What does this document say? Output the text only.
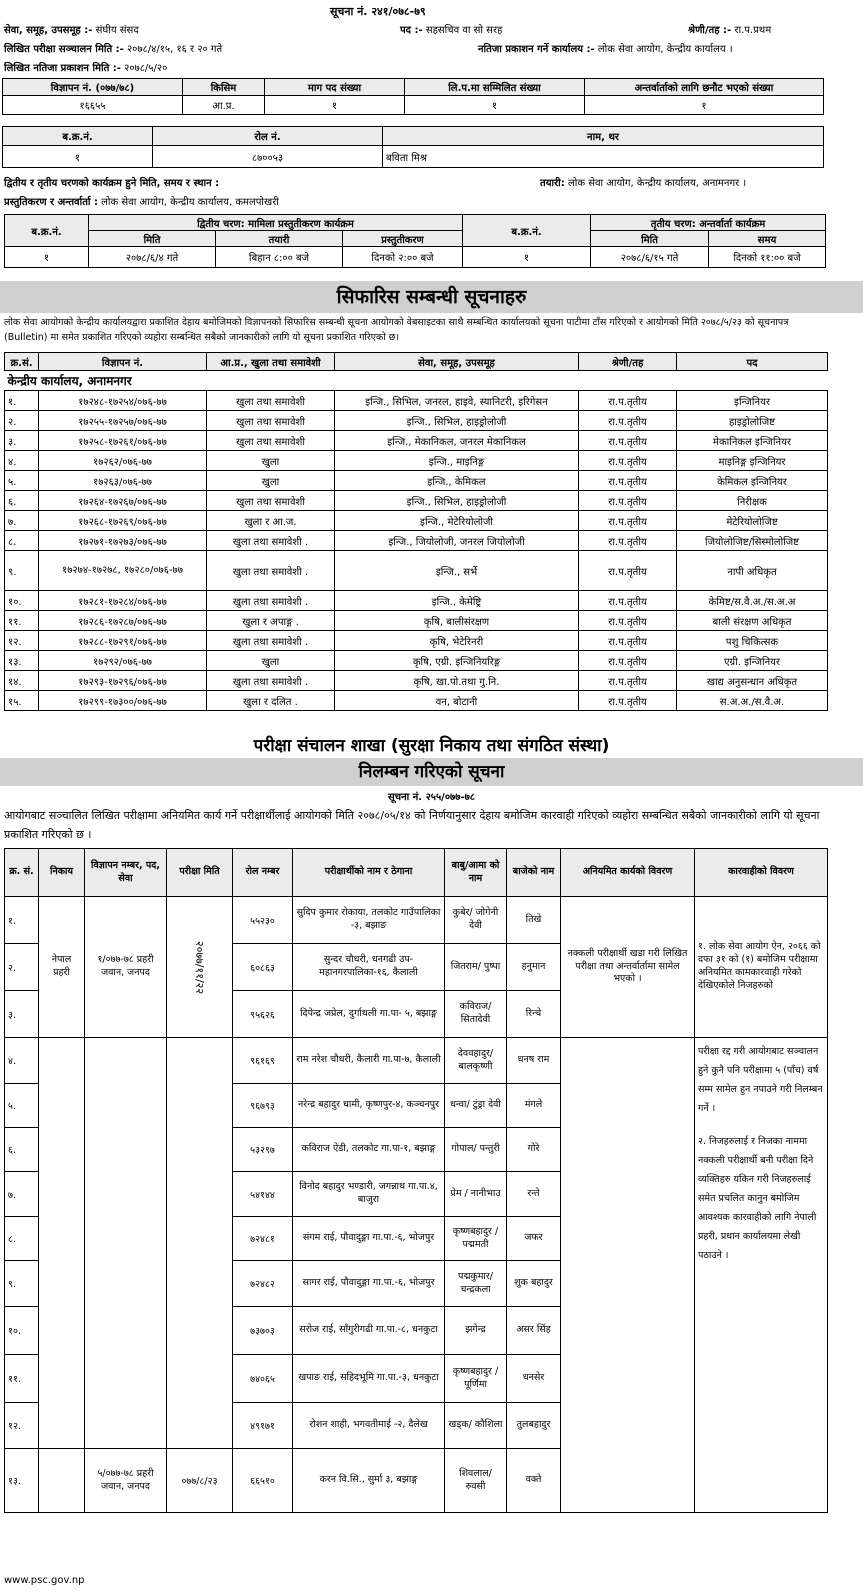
सूचना नं. २४१/०७८-७९
सेवा, समूह, उपसमूह :- संघीय संसद	पद :- सहसचिव वा सो सरह	श्रेणी/तह :- रा.प.प्रथम
लिखित परीक्षा सञ्चालन मिति :- २०७८/४/१५, १६ र २० गते	नतिजा प्रकाशन गर्ने कार्यालय :- लोक सेवा आयोग, केन्द्रीय कार्यालय ।
लिखित नतिजा प्रकाशन मिति :- २०७८/५/२०
विज्ञापन नं. (०७७/७८)	किसिम	माग पद संख्या	लि.प.मा सम्मिलित संख्या	अन्तर्वार्ताको लागि छनौट भएको संख्या
१६६५५	आ.प्र.	१	१	१
ब.क्र.नं.	रोल नं.	नाम, थर
१	८७००५३	बविता मिश्र
द्वितीय र तृतीय चरणको कार्यक्रम हुने मिति, समय र स्थान :	तयारी: लोक सेवा आयोग, केन्द्रीय कार्यालय, अनामनगर ।
प्रस्तुतिकरण र अन्तर्वार्ता : लोक सेवा आयोग, केन्द्रीय कार्यालय, कमलपोखरी
ब.क्र.नं.	द्वितीय चरण: मामिला प्रस्तुतीकरण कार्यक्रम			ब.क्र.नं.	तृतीय चरण: अन्तर्वार्ता कार्यक्रम	
	मिति	तयारी	प्रस्तुतीकरण		मिति	समय
१	२०७८/६/४ गते	बिहान ८:०० बजे	दिनको २:०० बजे	१	२०७८/६/१५ गते	दिनको ११:०० बजे
सिफारिस सम्बन्धी सूचनाहरु
लोक सेवा आयोगको केन्द्रीय कार्यालयद्वारा प्रकाशित देहाय बमोजिमको विज्ञापनको सिफारिस सम्बन्धी सूचना आयोगको वेबसाइटका साथै सम्बन्धित कार्यालयको सूचना पाटीमा टाँस गरिएको र आयोगको मिति २०७८/५/२३ को सूचनापत्र (Bulletin) मा समेत प्रकाशित गरिएको व्यहोरा सम्बन्धित सबैको जानकारीको लागि यो सूचना प्रकाशित गरिएको छ।
क्र.सं.	विज्ञापन नं.	आ.प्र., खुला तथा समावेशी	सेवा, समूह, उपसमूह	श्रेणी/तह	पद
केन्द्रीय कार्यालय, अनामनगर					
१.	१७२४८-१७२५४/०७६-७७	खुला तथा समावेशी	इन्जि., सिभिल, जनरल, हाइवे, स्यानिटरी, इरिगेसन	रा.प.तृतीय	इन्जिनियर
२.	१७२५५-१७२५७/०७६-७७	खुला तथा समावेशी	इन्जि., सिभिल, हाइड्रोलोजी	रा.प.तृतीय	हाइड्रोलोजिष्ट
३.	१७२५८-१७२६१/०७६-७७	खुला तथा समावेशी	इन्जि., मेकानिकल, जनरल मेकानिकल	रा.प.तृतीय	मेकानिकल इन्जिनियर
४.	१७२६२/०७६-७७	खुला	इन्जि., माइनिङ्ग	रा.प.तृतीय	माइनिङ्ग इन्जिनियर
५.	१७२६३/०७६-७७	खुला	इन्जि., केमिकल	रा.प.तृतीय	केमिकल इन्जिनियर
६.	१७२६४-१७२६७/०७६-७७	खुला तथा समावेशी	इन्जि., सिभिल, हाइड्रोलोजी	रा.प.तृतीय	निरीक्षक
७.	१७२६८-१७२६९/०७६-७७	खुला र आ.ज.	इन्जि., मेटेरियोलोजी	रा.प.तृतीय	मेटेरियोलोजिष्ट
८.	१७२७१-१७२७३/०७६-७७	खुला तथा समावेशी .	इन्जि., जियोलोजी, जनरल जियोलोजी	रा.प.तृतीय	जियोलोजिष्ट/सिस्मोलोजिष्ट
९.	१७२७४-१७२७८, १७२८०/०७६-७७	खुला तथा समावेशी .	इन्जि., सर्भे	रा.प.तृतीय	नापी अधिकृत
१०.	१७२८१-१७२८४/०७६-७७	खुला तथा समावेशी .	इन्जि., केमेष्ट्रि	रा.प.तृतीय	केमिष्ट/स.वै.अ./स.अ.अ
११.	१७२८६-१७२८७/०७६-७७	खुला र अपाङ्ग .	कृषि, बालीसंरक्षण	रा.प.तृतीय	बाली संरक्षण अधिकृत
१२.	१७२८८-१७२९१/०७६-७७	खुला तथा समावेशी .	कृषि, भेटेरिनरी	रा.प.तृतीय	पशु चिकित्सक
१३.	१७२९२/०७६-७७	खुला	कृषि, एग्री. इन्जिनियरिङ्ग	रा.प.तृतीय	एग्री. इन्जिनियर
१४.	१७२९३-१७२९६/०७६-७७	खुला तथा समावेशी .	कृषि, खा.पो.तथा गु.नि.	रा.प.तृतीय	खाद्य अनुसन्धान अधिकृत
१५.	१७२९९-१७३००/०७६-७७	खुला र दलित .	वन, बोटानी	रा.प.तृतीय	स.अ.अ./स.वै.अ.
परीक्षा संचालन शाखा (सुरक्षा निकाय तथा संगठित संस्था)
निलम्बन गरिएको सूचना
सूचना नं. २५५/०७७-७८
आयोगबाट सञ्चालित लिखित परीक्षामा अनियमित कार्य गर्ने परीक्षार्थीलाई आयोगको मिति २०७८/०५/१४ को निर्णयानुसार देहाय बमोजिम कारवाही गरिएको व्यहोरा सम्बन्धित सबैको जानकारीको लागि यो सूचना प्रकाशित गरिएको छ ।
क्र. सं.	निकाय	विज्ञापन नम्बर, पद, सेवा	परीक्षा मिति	रोल नम्बर	परीक्षार्थीको नाम र ठेगाना	बाबु/आमा को नाम	बाजेको नाम	अनियमित कार्यको विवरण	कारवाहीको विवरण
१.	नेपाल प्रहरी	१/०७७-७८ प्रहरी जवान, जनपद	२०७७/११/२२	५५२३०	सुदिप कुमार रोकाया, तलकोट गाउँपालिका -३, बझाङ	कुबेर/ जोगेनी देवी	तिखे	नक्कली परीक्षार्थी खडा गरी लिखित परीक्षा तथा अन्तर्वार्तामा सामेल भएको ।	१. लोक सेवा आयोग ऐन, २०६६ को दफा ३१ को (१) बमोजिम परीक्षामा अनियमित कामकारवाही गरेको देखिएकोले निजहरुको
२.				६०८६३	सुन्दर चौधरी, धनगढी उप-महानगरपालिका-१६, कैलाली	जितराम/ पुष्पा	हनुमान		
३.				९५६२६	दिपेन्द्र जप्रेल, दुर्गाथली गा.पा- ५, बझाङ्ग	कविराज/ सितादेवी	रिन्चे		
४.				९६१६९	राम नरेश चौधरी, कैलारी गा.पा-७, कैलाली	देववहादुर/ बालकृष्णी	धनष राम		परीक्षा रद्द गरी आयोगबाट सञ्चालन हुने कुनै पनि परीक्षामा ५ (पाँच) वर्ष सम्म सामेल हुन नपाउने गरी निलम्बन गर्ने ।
२. निजहरुलाई र निजका नाममा नक्कली परीक्षार्थी बनी परीक्षा दिने व्यक्तिहरु यकिन गरी निजहरुलाई समेत प्रचलित कानुन बमोजिम आवश्यक कारवाहीको लागि नेपाली प्रहरी, प्रधान कार्यालयमा लेखी पठाउने ।

५.				९६७९३	नरेन्द्र बहादुर धामी, कृष्णपुर-४, कञ्चनपुर	धन्वा/ टुंड्रा देवी	मंगले		
६.				५३२९७	कविराज ऐडी, तलकोट गा.पा-१, बझाङ्ग	गोपाल/ पन्तुरी	गोरे		
७.				५४१४४	विनोद बहादुर भण्डारी, जगन्नाथ गा.पा.४, बाजुरा	प्रेम / नानीभाउ	रन्ते		
८.				७२४८१	संगम राई, पौवादुङ्गा गा.पा.-६, भोजपुर	कृष्णबहादुर /पद्ममती	जफर		
९.				७२४८२	सागर राई, पौवादुङ्गा गा.पा.-६, भोजपुर	पद्मकुमार/ चन्द्रकला	शुक बहादुर		
१०.				७३७०३	सरोज राई, साँगुरीगढी गा.पा.-८, धनकुटा	झगेन्द्र	असर सिंह		
११.				७४०६५	खपाङ राई, सहिदभूमि गा.पा.-३, धनकुटा	कृष्णबहादुर / पूर्णिमा	धनसेर		
१२.				४९१७१	रोशन शाही, भगवतीमाई -२, दैलेख	खड्क/ कौशिला	तुलबहादुर		
१३.		५/०७७-७८ प्रहरी जवान, जनपद	०७७/८/२३	६६५१०	करन वि.सि., सुर्मा ३, बझाङ्ग	शिवलाल/ रुवसी	वक्ते		
www.psc.gov.np
